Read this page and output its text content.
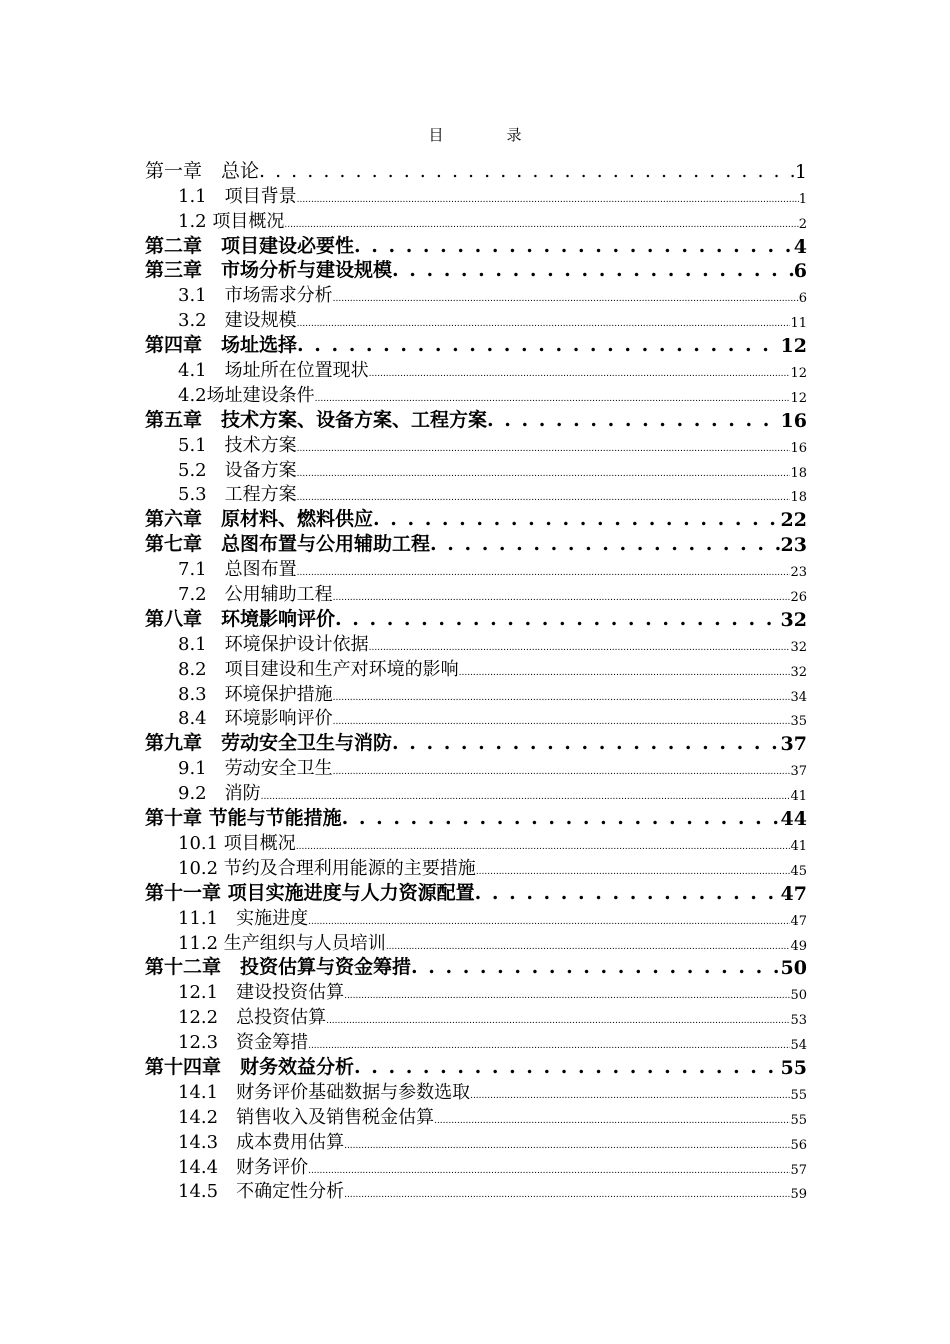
目　录
第一章　总论 . . .	1
1.1　项目背景 .....	1
1.2 项目概况 .....	2
第二章　项目建设必要性 . . .	4
第三章　市场分析与建设规模 . . .	6
3.1　市场需求分析 .....	6
3.2　建设规模 .....	11
第四章　场址选择 . . .	12
4.1　场址所在位置现状 .....	12
4.2场址建设条件 .....	12
第五章　技术方案、设备方案、工程方案 . . .	16
5.1　技术方案 .....	16
5.2　设备方案 .....	18
5.3　工程方案 .....	18
第六章　原材料、燃料供应 . . .	22
第七章　总图布置与公用辅助工程 . . .	23
7.1　总图布置 .....	23
7.2　公用辅助工程 .....	26
第八章　环境影响评价 . . .	32
8.1　环境保护设计依据 .....	32
8.2　项目建设和生产对环境的影响 .....	32
8.3　环境保护措施 .....	34
8.4　环境影响评价 .....	35
第九章　劳动安全卫生与消防 . . .	37
9.1　劳动安全卫生 .....	37
9.2　消防 .....	41
第十章 节能与节能措施 . . .	44
10.1 项目概况 .....	41
10.2 节约及合理利用能源的主要措施 .....	45
第十一章 项目实施进度与人力资源配置 . . .	47
11.1　实施进度 .....	47
11.2 生产组织与人员培训 .....	49
第十二章　投资估算与资金筹措 . . .	50
12.1　建设投资估算 .....	50
12.2　总投资估算 .....	53
12.3　资金筹措 .....	54
第十四章　财务效益分析 . . .	55
14.1　财务评价基础数据与参数选取 .....	55
14.2　销售收入及销售税金估算 .....	55
14.3　成本费用估算 .....	56
14.4　财务评价 .....	57
14.5　不确定性分析 .....	59
